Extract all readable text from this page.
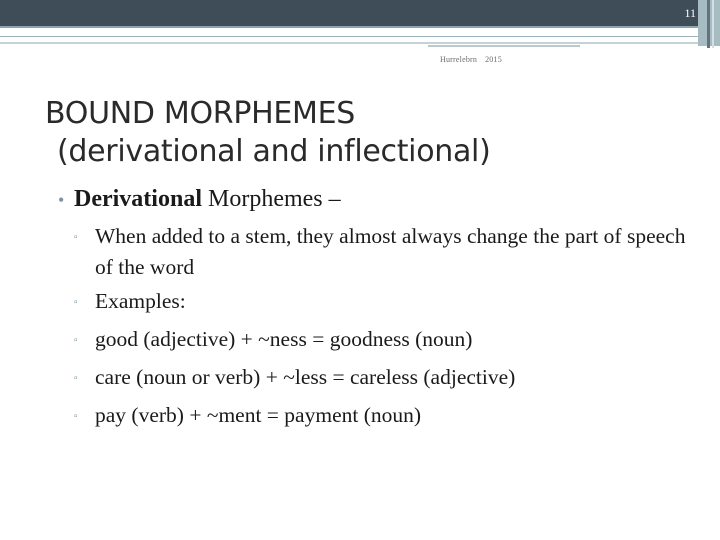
11
Hurrelebrn 2015
BOUND MORPHEMES
(derivational and inflectional)
• Derivational Morphemes –
▫ When added to a stem, they almost always change the part of speech of the word
▫ Examples:
▫ good (adjective) + ~ness = goodness (noun)
▫ care (noun or verb) + ~less = careless (adjective)
▫ pay (verb) + ~ment = payment (noun)
